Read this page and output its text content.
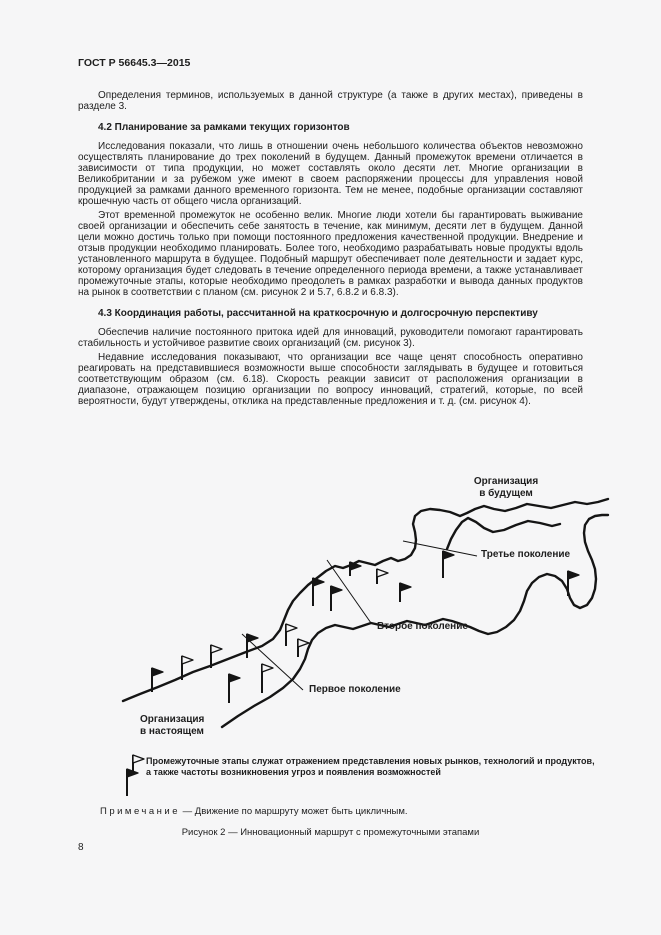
ГОСТ Р 56645.3—2015

Определения терминов, используемых в данной структуре (а также в других местах), приведены в разделе 3.

4.2 Планирование за рамками текущих горизонтов

Исследования показали, что лишь в отношении очень небольшого количества объектов невозможно осуществлять планирование до трех поколений в будущем. Данный промежуток времени отличается в зависимости от типа продукции, но может составлять около десяти лет. Многие организации в Великобритании и за рубежом уже имеют в своем распоряжении процессы для управления новой продукцией за рамками данного временного горизонта. Тем не менее, подобные организации составляют крошечную часть от общего числа организаций.

Этот временной промежуток не особенно велик. Многие люди хотели бы гарантировать выживание своей организации и обеспечить себе занятость в течение, как минимум, десяти лет в будущем. Данной цели можно достичь только при помощи постоянного предложения качественной продукции. Внедрение и отзыв продукции необходимо планировать. Более того, необходимо разрабатывать новые продукты вдоль установленного маршрута в будущее. Подобный маршрут обеспечивает поле деятельности и задает курс, которому организация будет следовать в течение определенного периода времени, а также устанавливает промежуточные этапы, которые необходимо преодолеть в рамках разработки и вывода данных продуктов на рынок в соответствии с планом (см. рисунок 2 и 5.7, 6.8.2 и 6.8.3).

4.3 Координация работы, рассчитанной на краткосрочную и долгосрочную перспективу

Обеспечив наличие постоянного притока идей для инноваций, руководители помогают гарантировать стабильность и устойчивое развитие своих организаций (см. рисунок 3).

Недавние исследования показывают, что организации все чаще ценят способность оперативно реагировать на представившиеся возможности выше способности заглядывать в будущее и готовиться соответствующим образом (см. 6.18). Скорость реакции зависит от расположения организации в диапазоне, отражающем позицию организации по вопросу инноваций, стратегий, которые, по всей вероятности, будут утверждены, отклика на представленные предложения и т. д. (см. рисунок 4).

Организация
в будущем
Организация
в настоящем
Первое поколение
Второе поколение
Третье поколение
Промежуточные этапы служат отражением представления новых рынков, технологий и продуктов,
а также частоты возникновения угроз и появления возможностей
Примечание — Движение по маршруту может быть цикличным.
Рисунок 2 — Инновационный маршрут с промежуточными этапами
8
